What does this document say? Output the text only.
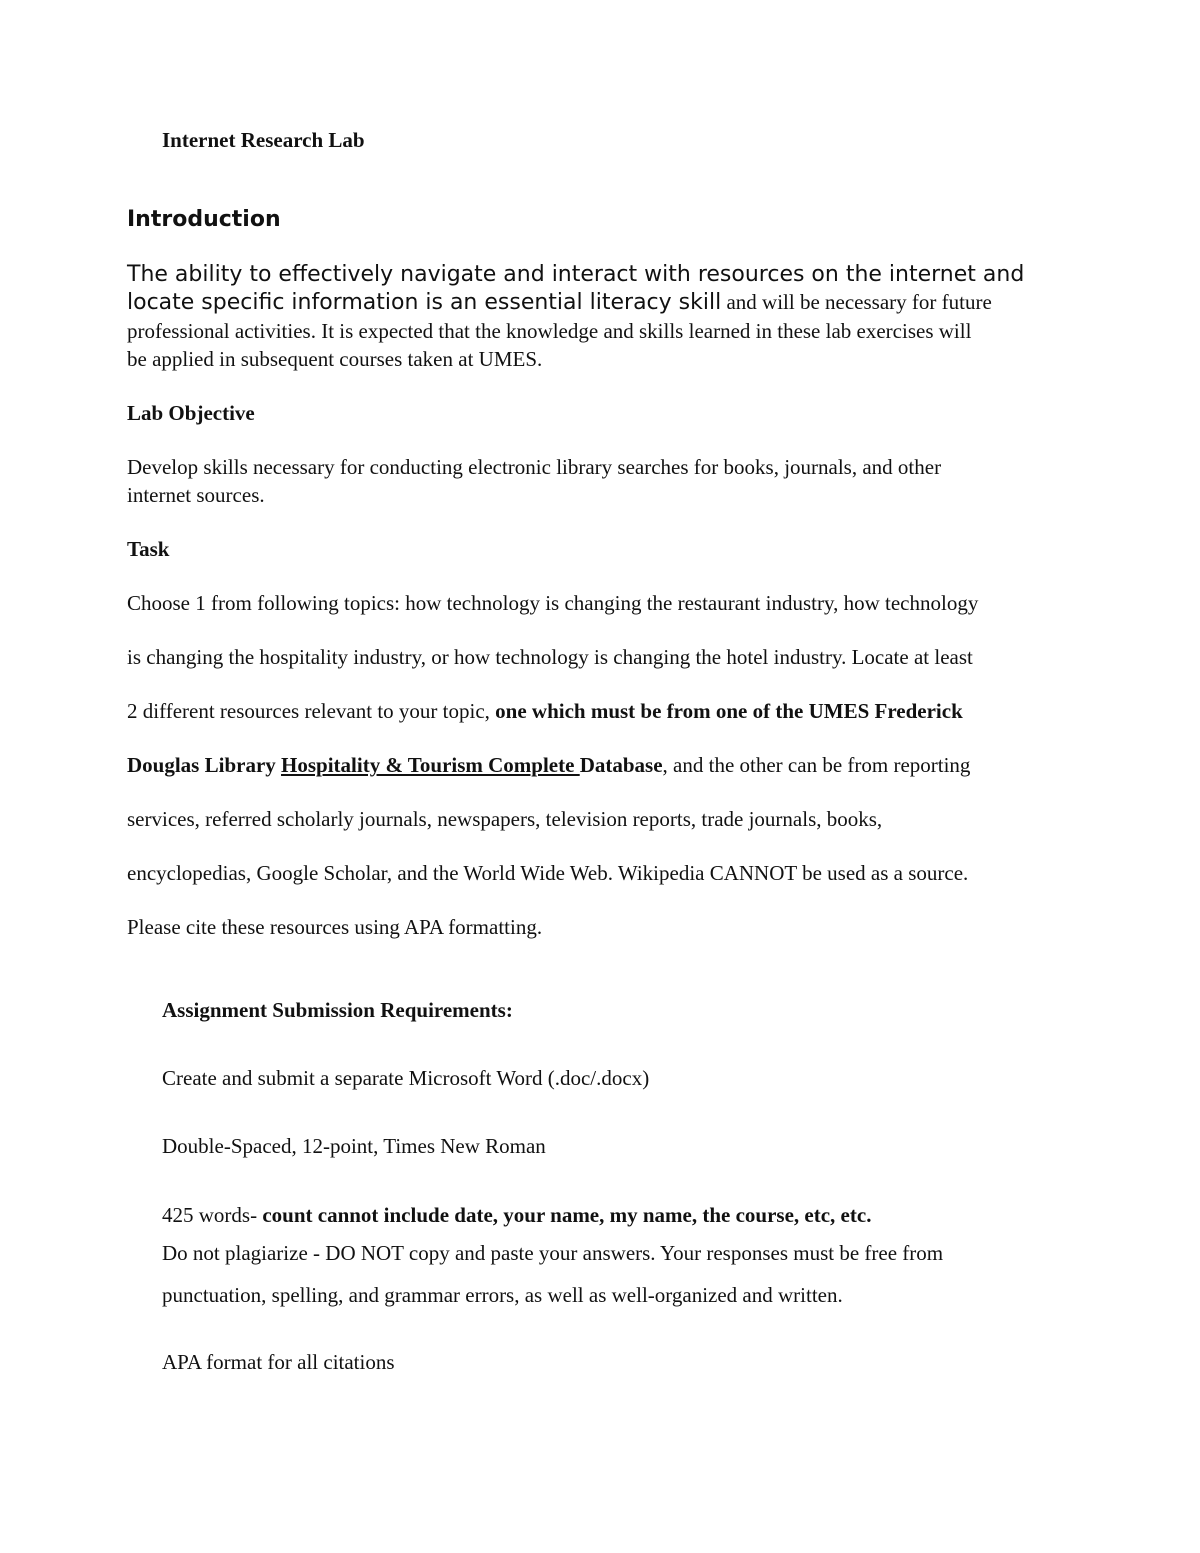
Internet Research Lab
Introduction
The ability to effectively navigate and interact with resources on the internet and
locate specific information is an essential literacy skill and will be necessary for future
professional activities. It is expected that the knowledge and skills learned in these lab exercises will
be applied in subsequent courses taken at UMES.
Lab Objective
Develop skills necessary for conducting electronic library searches for books, journals, and other
internet sources.
Task
Choose 1 from following topics: how technology is changing the restaurant industry, how technology
is changing the hospitality industry, or how technology is changing the hotel industry. Locate at least
2 different resources relevant to your topic, one which must be from one of the UMES Frederick
Douglas Library Hospitality & Tourism Complete Database, and the other can be from reporting
services, referred scholarly journals, newspapers, television reports, trade journals, books,
encyclopedias, Google Scholar, and the World Wide Web. Wikipedia CANNOT be used as a source.
Please cite these resources using APA formatting.
Assignment Submission Requirements:
Create and submit a separate Microsoft Word (.doc/.docx)
Double-Spaced, 12-point, Times New Roman
425 words- count cannot include date, your name, my name, the course, etc, etc.
Do not plagiarize - DO NOT copy and paste your answers. Your responses must be free from
punctuation, spelling, and grammar errors, as well as well-organized and written.
APA format for all citations
